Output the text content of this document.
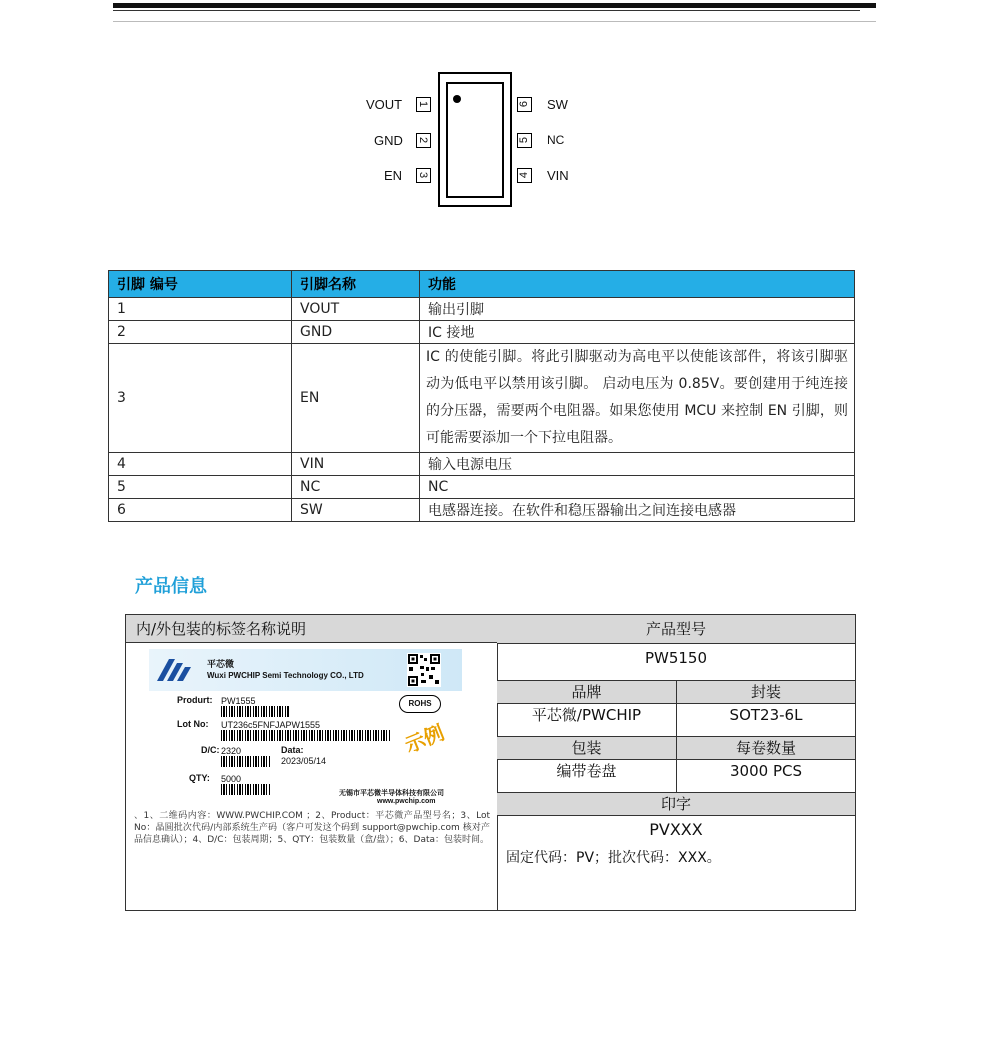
VOUT 1
GND 2
EN 3
6 SW
5 NC
4 VIN
引脚 编号	引脚名称	功能
1	VOUT	输出引脚
2	GND	IC 接地
3	EN	IC 的使能引脚。将此引脚驱动为高电平以使能该部件，将该引脚驱动为低电平以禁用该引脚。 启动电压为 0.85V。要创建用于纯连接的分压器，需要两个电阻器。如果您使用 MCU 来控制 EN 引脚，则可能需要添加一个下拉电阻器。
4	VIN	输入电源电压
5	NC	NC
6	SW	电感器连接。在软件和稳压器输出之间连接电感器
产品信息
内/外包装的标签名称说明
平芯微
Wuxi PWCHIP Semi Technology CO., LTD
Produrt: PW1555
Lot No: UT236c5FNFJAPW1555
D/C: 2320	Data:
2023/05/14
QTY: 5000
ROHS
示例
无锡市平芯微半导体科技有限公司
www.pwchip.com
、1、二维码内容：WWW.PWCHIP.COM ；2、Product：平芯微产品型号名；3、Lot No：晶圆批次代码/内部系统生产码（客户可发这个码到 support@pwchip.com 核对产品信息确认）；4、D/C：包装周期；5、QTY：包装数量（盒/盘）；6、Data：包装时间。
产品型号
PW5150
品牌	封装
平芯微/PWCHIP	SOT23-6L
包装	每卷数量
编带卷盘	3000 PCS
印字
PVXXX
固定代码：PV；批次代码：XXX。
